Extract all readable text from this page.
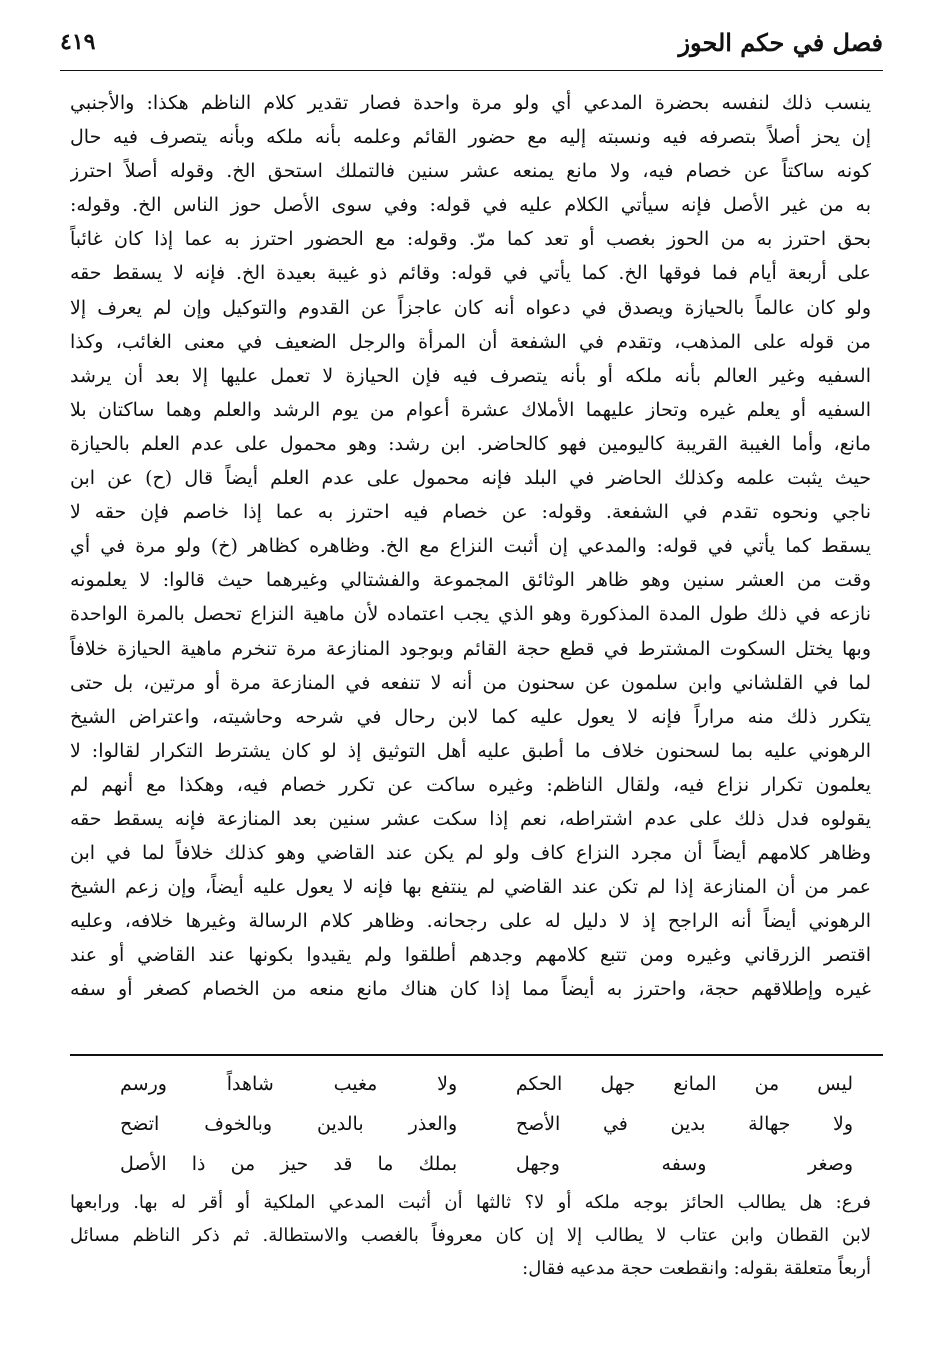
فصل في حكم الحوز
٤١٩
ينسب ذلك لنفسه بحضرة المدعي أي ولو مرة واحدة فصار تقدير كلام الناظم هكذا: والأجنبي
إن يحز أصلاً بتصرفه فيه ونسبته إليه مع حضور القائم وعلمه بأنه ملكه وبأنه يتصرف فيه حال
كونه ساكتاً عن خصام فيه، ولا مانع يمنعه عشر سنين فالتملك استحق الخ. وقوله أصلاً احترز
به من غير الأصل فإنه سيأتي الكلام عليه في قوله: وفي سوى الأصل حوز الناس الخ. وقوله:
بحق احترز به من الحوز بغصب أو تعد كما مرّ. وقوله: مع الحضور احترز به عما إذا كان غائباً
على أربعة أيام فما فوقها الخ. كما يأتي في قوله: وقائم ذو غيبة بعيدة الخ. فإنه لا يسقط حقه
ولو كان عالماً بالحيازة ويصدق في دعواه أنه كان عاجزاً عن القدوم والتوكيل وإن لم يعرف إلا
من قوله على المذهب، وتقدم في الشفعة أن المرأة والرجل الضعيف في معنى الغائب، وكذا
السفيه وغير العالم بأنه ملكه أو بأنه يتصرف فيه فإن الحيازة لا تعمل عليها إلا بعد أن يرشد
السفيه أو يعلم غيره وتحاز عليهما الأملاك عشرة أعوام من يوم الرشد والعلم وهما ساكتان بلا
مانع، وأما الغيبة القريبة كاليومين فهو كالحاضر. ابن رشد: وهو محمول على عدم العلم بالحيازة
حيث يثبت علمه وكذلك الحاضر في البلد فإنه محمول على عدم العلم أيضاً قال (ح) عن ابن
ناجي ونحوه تقدم في الشفعة. وقوله: عن خصام فيه احترز به عما إذا خاصم فإن حقه لا
يسقط كما يأتي في قوله: والمدعي إن أثبت النزاع مع الخ. وظاهره كظاهر (خ) ولو مرة في أي
وقت من العشر سنين وهو ظاهر الوثائق المجموعة والفشتالي وغيرهما حيث قالوا: لا يعلمونه
نازعه في ذلك طول المدة المذكورة وهو الذي يجب اعتماده لأن ماهية النزاع تحصل بالمرة الواحدة
وبها يختل السكوت المشترط في قطع حجة القائم وبوجود المنازعة مرة تنخرم ماهية الحيازة خلافاً
لما في القلشاني وابن سلمون عن سحنون من أنه لا تنفعه في المنازعة مرة أو مرتين، بل حتى
يتكرر ذلك منه مراراً فإنه لا يعول عليه كما لابن رحال في شرحه وحاشيته، واعتراض الشيخ
الرهوني عليه بما لسحنون خلاف ما أطبق عليه أهل التوثيق إذ لو كان يشترط التكرار لقالوا: لا
يعلمون تكرار نزاع فيه، ولقال الناظم: وغيره ساكت عن تكرر خصام فيه، وهكذا مع أنهم لم
يقولوه فدل ذلك على عدم اشتراطه، نعم إذا سكت عشر سنين بعد المنازعة فإنه يسقط حقه
وظاهر كلامهم أيضاً أن مجرد النزاع كاف ولو لم يكن عند القاضي وهو كذلك خلافاً لما في ابن
عمر من أن المنازعة إذا لم تكن عند القاضي لم ينتفع بها فإنه لا يعول عليه أيضاً، وإن زعم الشيخ
الرهوني أيضاً أنه الراجح إذ لا دليل له على رجحانه. وظاهر كلام الرسالة وغيرها خلافه، وعليه
اقتصر الزرقاني وغيره ومن تتبع كلامهم وجدهم أطلقوا ولم يقيدوا بكونها عند القاضي أو عند
غيره وإطلاقهم حجة، واحترز به أيضاً مما إذا كان هناك مانع منعه من الخصام كصغر أو سفه
ليس من المانع جهل الحكم
ولا مغيب شاهداً ورسم
ولا جهالة بدين في الأصح
والعذر بالدين وبالخوف اتضح
وصغر وسفه وجهل
بملك ما قد حيز من ذا الأصل
فرع: هل يطالب الحائز بوجه ملكه أو لا؟ ثالثها أن أثبت المدعي الملكية أو أقر له بها. ورابعها
لابن القطان وابن عتاب لا يطالب إلا إن كان معروفاً بالغصب والاستطالة. ثم ذكر الناظم مسائل
أربعاً متعلقة بقوله: وانقطعت حجة مدعيه فقال:
